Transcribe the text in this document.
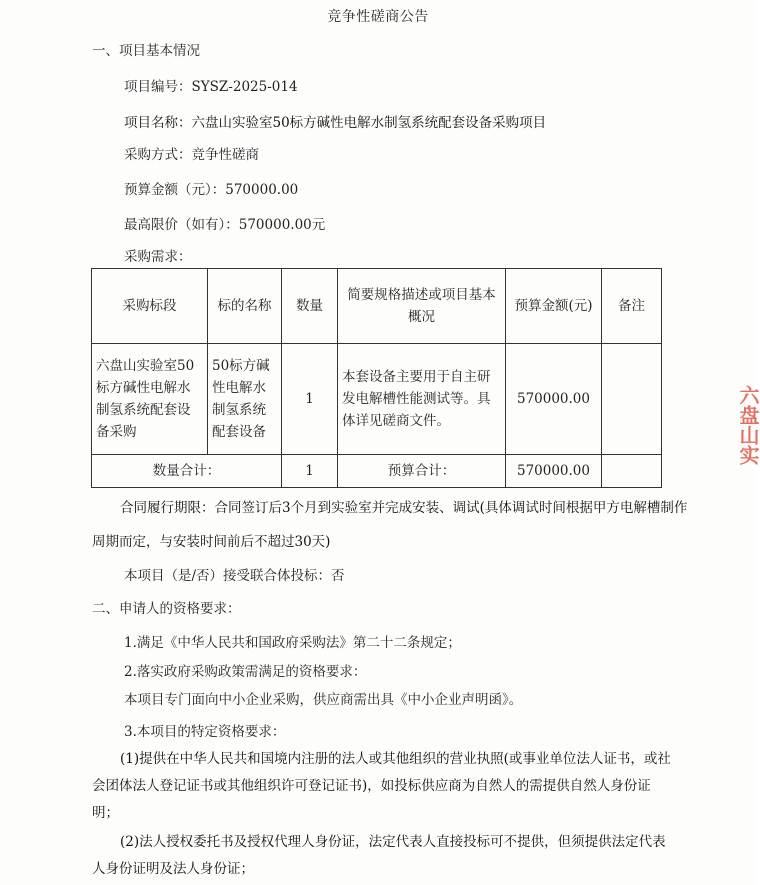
竞争性磋商公告
一、项目基本情况
项目编号：SYSZ-2025-014
项目名称：六盘山实验室50标方碱性电解水制氢系统配套设备采购项目
采购方式：竞争性磋商
预算金额（元）：570000.00
最高限价（如有）：570000.00元
采购需求：
采购标段	标的名称	数量	简要规格描述或项目基本概况	预算金额(元)	备注
六盘山实验室50标方碱性电解水制氢系统配套设备采购	50标方碱性电解水制氢系统配套设备	1	本套设备主要用于自主研发电解槽性能测试等。具体详见磋商文件。	570000.00	
数量合计：		1	预算合计：	570000.00	
合同履行期限：合同签订后3个月到实验室并完成安装、调试(具体调试时间根据甲方电解槽制作周期而定，与安装时间前后不超过30天)
本项目（是/否）接受联合体投标：否
二、申请人的资格要求：
1.满足《中华人民共和国政府采购法》第二十二条规定；
2.落实政府采购政策需满足的资格要求：
本项目专门面向中小企业采购，供应商需出具《中小企业声明函》。
3.本项目的特定资格要求：
(1)提供在中华人民共和国境内注册的法人或其他组织的营业执照(或事业单位法人证书，或社会团体法人登记证书或其他组织许可登记证书)，如投标供应商为自然人的需提供自然人身份证明；
(2)法人授权委托书及授权代理人身份证，法定代表人直接投标可不提供，但须提供法定代表人身份证明及法人身份证；
六盘山实
